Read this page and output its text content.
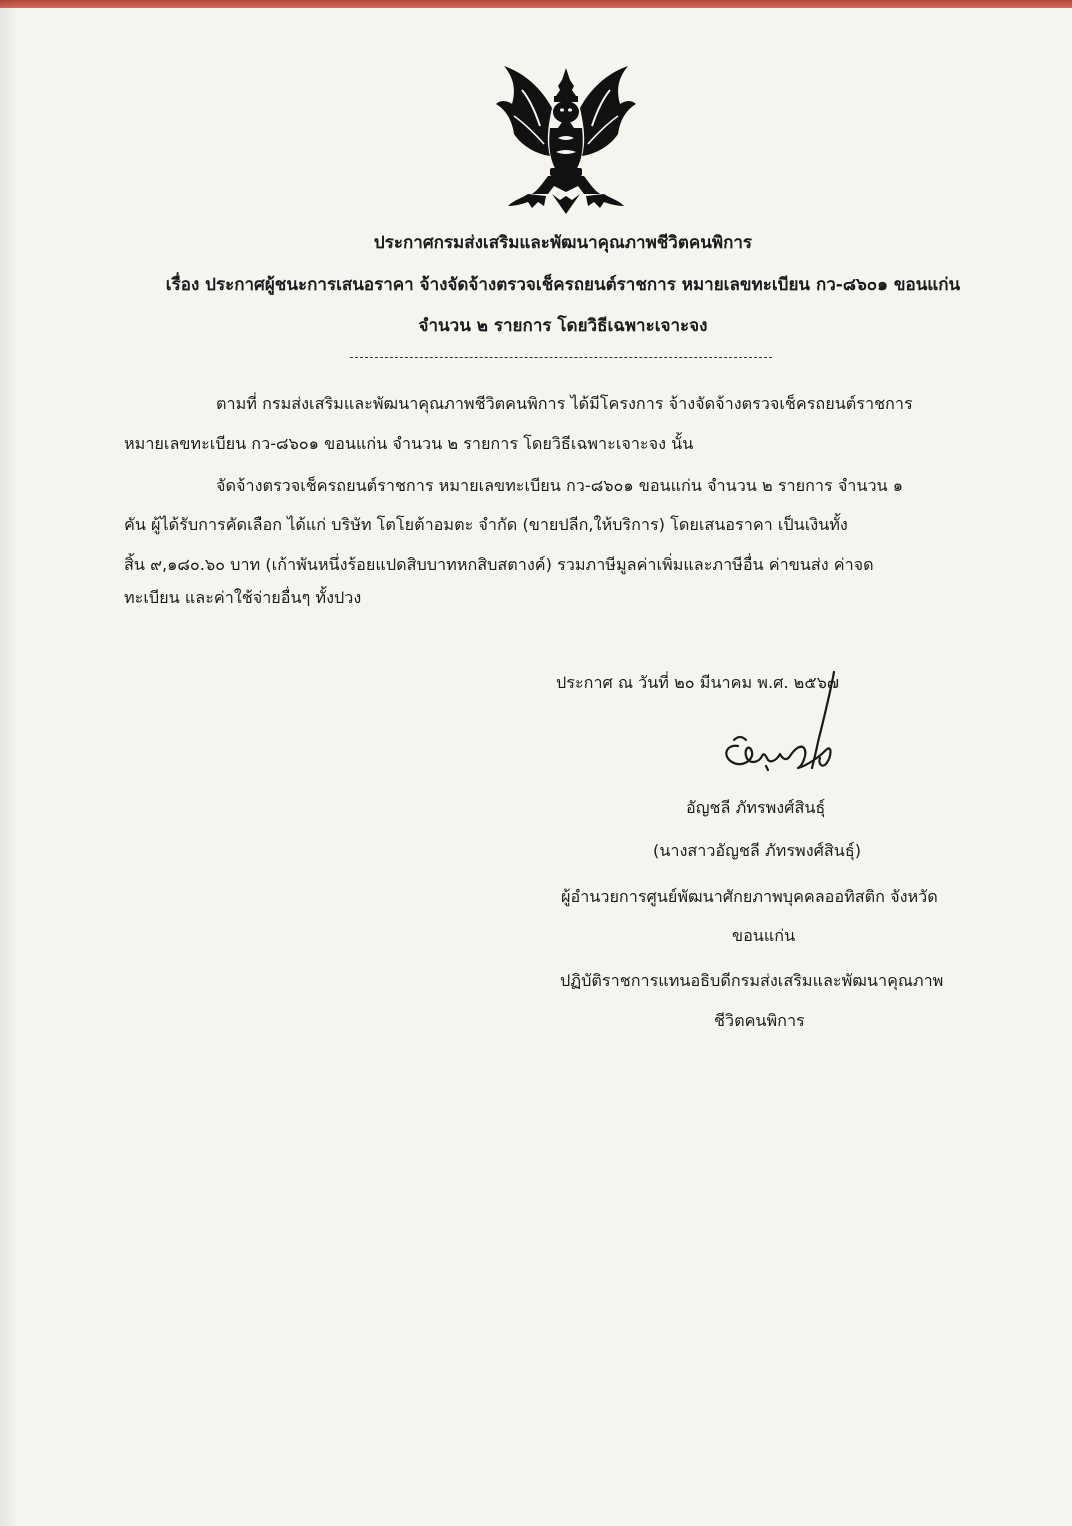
ประกาศกรมส่งเสริมและพัฒนาคุณภาพชีวิตคนพิการ
เรื่อง ประกาศผู้ชนะการเสนอราคา จ้างจัดจ้างตรวจเช็ครถยนต์ราชการ หมายเลขทะเบียน กว-๘๖๐๑ ขอนแก่น
จำนวน ๒ รายการ โดยวิธีเฉพาะเจาะจง
ตามที่ กรมส่งเสริมและพัฒนาคุณภาพชีวิตคนพิการ ได้มีโครงการ จ้างจัดจ้างตรวจเช็ครถยนต์ราชการ
หมายเลขทะเบียน กว-๘๖๐๑ ขอนแก่น จำนวน ๒ รายการ โดยวิธีเฉพาะเจาะจง นั้น
จัดจ้างตรวจเช็ครถยนต์ราชการ หมายเลขทะเบียน กว-๘๖๐๑ ขอนแก่น จำนวน ๒ รายการ จำนวน ๑
คัน ผู้ได้รับการคัดเลือก ได้แก่ บริษัท โตโยต้าอมตะ จำกัด (ขายปลีก,ให้บริการ) โดยเสนอราคา เป็นเงินทั้ง
สิ้น ๙,๑๘๐.๖๐ บาท (เก้าพันหนึ่งร้อยแปดสิบบาทหกสิบสตางค์) รวมภาษีมูลค่าเพิ่มและภาษีอื่น ค่าขนส่ง ค่าจด
ทะเบียน และค่าใช้จ่ายอื่นๆ ทั้งปวง
ประกาศ ณ วันที่ ๒๐ มีนาคม พ.ศ. ๒๕๖๗
อัญชลี ภัทรพงศ์สินธุ์
(นางสาวอัญชลี ภัทรพงศ์สินธุ์)
ผู้อำนวยการศูนย์พัฒนาศักยภาพบุคคลออทิสติก จังหวัด
ขอนแก่น
ปฏิบัติราชการแทนอธิบดีกรมส่งเสริมและพัฒนาคุณภาพ
ชีวิตคนพิการ
